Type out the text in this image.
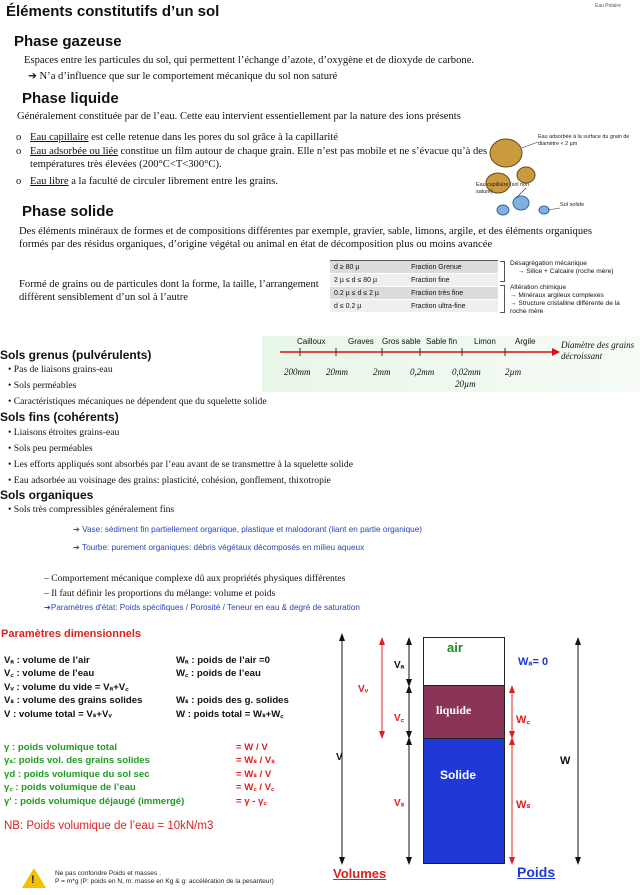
Éléments constitutifs d’un sol	Eau Polaire
Phase gazeuse
Espaces entre les particules du sol, qui permettent l’échange d’azote, d’oxygène et de dioxyde de carbone.
➔ N’a d’influence que sur le comportement mécanique du sol non saturé
Phase liquide
Généralement constituée par de l’eau. Cette eau intervient essentiellement par la nature des ions présents
o Eau capillaire est celle retenue dans les pores du sol grâce à la capillarité
o Eau adsorbée ou liée constitue un film autour de chaque grain. Elle n’est pas mobile et ne s’évacue qu’à des températures très élevées (200°C<T<300°C).
o Eau libre a la faculté de circuler librement entre les grains.
Eau adsorbée à la surface du grain de diamètre < 2 µm
Eau capillaire (sol non saturé)
Sol solide
Phase solide
Des éléments minéraux de formes et de compositions différentes par exemple, gravier, sable, limons, argile, et des éléments organiques formés par des résidus organiques, d’origine végétal ou animal en état de décomposition plus ou moins avancée
Formé de grains ou de particules dont la forme, la taille, l’arrangement diffèrent sensiblement d’un sol à l’autre
d ≥ 80 µ	Fraction Grenue
2 µ ≤ d ≤ 80 µ	Fraction fine
0.2 µ ≤ d ≤ 2 µ	Fraction très fine
d ≤ 0.2 µ	Fraction ultra-fine
Désagrégation mécanique
→ Silice + Calcaire (roche mère)
Altération chimique
→ Minéraux argileux complexes
→ Structure cristalline différente de la roche mère
Cailloux	Graves Gros sable Sable fin Limon Argile
200mm 20mm	2mm 0,2mm 0,02mm
20µm
2µm
Diamètre des grains décroissant
Sols grenus (pulvérulents)
• Pas de liaisons grains-eau
• Sols perméables
• Caractéristiques mécaniques ne dépendent que du squelette solide
Sols fins (cohérents)
• Liaisons étroites grains-eau
• Sols peu perméables
• Les efforts appliqués sont absorbés par l’eau avant de se transmettre à la squelette solide
• Eau adsorbée au voisinage des grains: plasticité, cohésion, gonflement, thixotropie
Sols organiques
• Sols très compressibles généralement fins
➔ Vase: sédiment fin partiellement organique, plastique et malodorant (liant en partie organique)
➔ Tourbe: purement organiques: débris végétaux décomposés en milieu aqueux
– Comportement mécanique complexe dû aux propriétés physiques différentes
– Il faut définir les proportions du mélange: volume et poids
➔Paramètres d'état: Poids spécifiques / Porosité / Teneur en eau & degré de saturation
Paramètres dimensionnels
Vₐ : volume de l’air	Wₐ : poids de l’air =0
V꜀ : volume de l’eau	W꜀ : poids de l’eau
Vᵥ : volume du vide = Vₐ+V꜀
Vₛ : volume des grains solides	Wₛ : poids des g. solides
V : volume total = Vₛ+Vᵥ	W : poids total = Wₛ+W꜀
γ : poids volumique total	= W / V
γₛ: poids vol. des grains solides	= Wₛ / Vₛ
γd : poids volumique du sol sec	= Wₛ / V
γ꜀ : poids volumique de l’eau	= W꜀ / V꜀
γ' : poids volumique déjaugé (immergé)	= γ - γ꜀
NB: Poids volumique de l’eau = 10kN/m3
!
Ne pas confondre Poids et masses .
P = m*g (P: poids en N, m: masse en Kg & g: accélération de la pesanteur)
air
liquide
Solide
V
Vᵥ
Vₐ
V꜀
Vₛ
Wₐ= 0
W꜀
Wₛ
W
Volumes	Poids
